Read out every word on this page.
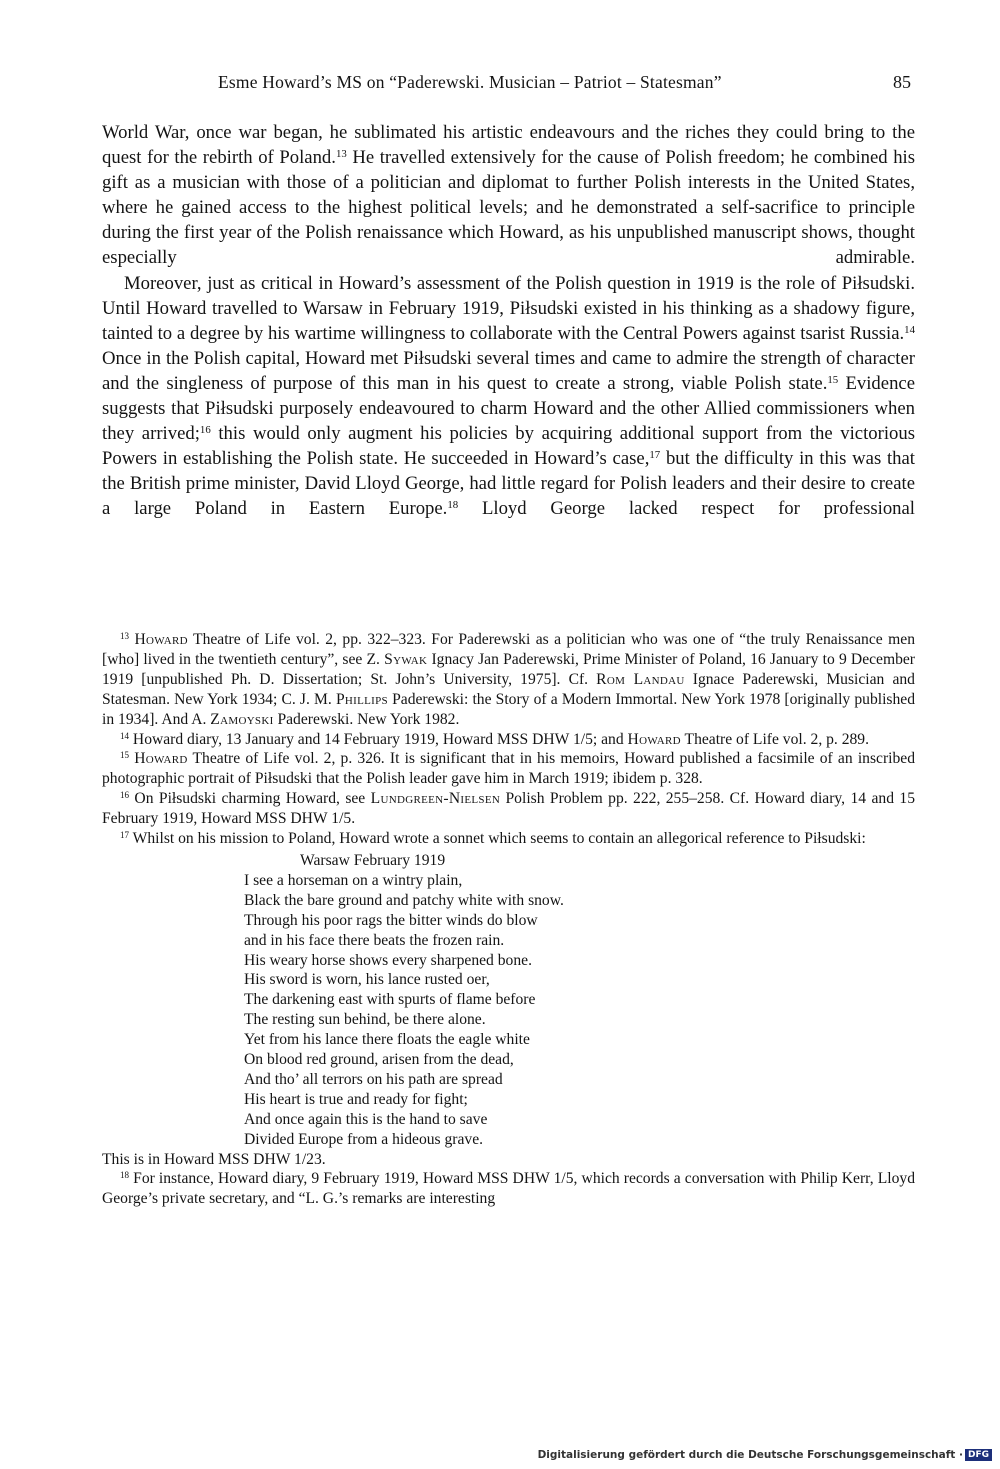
Esme Howard’s MS on “Paderewski. Musician – Patriot – Statesman”	85

World War, once war began, he sublimated his artistic endeavours and the riches they could bring to the quest for the rebirth of Poland.$^{13}$ He travelled extensively for the cause of Polish freedom; he combined his gift as a musician with those of a politician and diplomat to further Polish interests in the United States, where he gained access to the highest political levels; and he demonstrated a self-sacrifice to principle during the first year of the Polish renaissance which Howard, as his unpublished manuscript shows, thought especially admirable.

Moreover, just as critical in Howard’s assessment of the Polish question in 1919 is the role of Piłsudski. Until Howard travelled to Warsaw in February 1919, Piłsudski existed in his thinking as a shadowy figure, tainted to a degree by his wartime willingness to collaborate with the Central Powers against tsarist Russia.$^{14}$ Once in the Polish capital, Howard met Piłsudski several times and came to admire the strength of character and the singleness of purpose of this man in his quest to create a strong, viable Polish state.$^{15}$ Evidence suggests that Piłsudski purposely endeavoured to charm Howard and the other Allied commissioners when they arrived;$^{16}$ this would only augment his policies by acquiring additional support from the victorious Powers in establishing the Polish state. He succeeded in Howard’s case,$^{17}$ but the difficulty in this was that the British prime minister, David Lloyd George, had little regard for Polish leaders and their desire to create a large Poland in Eastern Europe.$^{18}$ Lloyd George lacked respect for professional

$^{13}$ Howard Theatre of Life vol. 2, pp. 322–323. For Paderewski as a politician who was one of “the truly Renaissance men [who] lived in the twentieth century”, see Z. Sywak Ignacy Jan Paderewski, Prime Minister of Poland, 16 January to 9 December 1919 [unpublished Ph. D. Dissertation; St. John’s University, 1975]. Cf. Rom Landau Ignace Paderewski, Musician and Statesman. New York 1934; C. J. M. Phillips Paderewski: the Story of a Modern Immortal. New York 1978 [originally published in 1934]. And A. Zamoyski Paderewski. New York 1982.

$^{14}$ Howard diary, 13 January and 14 February 1919, Howard MSS DHW 1/5; and Howard Theatre of Life vol. 2, p. 289.

$^{15}$ Howard Theatre of Life vol. 2, p. 326. It is significant that in his memoirs, Howard published a facsimile of an inscribed photographic portrait of Piłsudski that the Polish leader gave him in March 1919; ibidem p. 328.

$^{16}$ On Piłsudski charming Howard, see Lundgreen-Nielsen Polish Problem pp. 222, 255–258. Cf. Howard diary, 14 and 15 February 1919, Howard MSS DHW 1/5.

$^{17}$ Whilst on his mission to Poland, Howard wrote a sonnet which seems to contain an allegorical reference to Piłsudski:

Warsaw February 1919
I see a horseman on a wintry plain,
Black the bare ground and patchy white with snow.
Through his poor rags the bitter winds do blow
and in his face there beats the frozen rain.
His weary horse shows every sharpened bone.
His sword is worn, his lance rusted oer,
The darkening east with spurts of flame before
The resting sun behind, be there alone.
Yet from his lance there floats the eagle white
On blood red ground, arisen from the dead,
And tho’ all terrors on his path are spread
His heart is true and ready for fight;
And once again this is the hand to save
Divided Europe from a hideous grave.

This is in Howard MSS DHW 1/23.

$^{18}$ For instance, Howard diary, 9 February 1919, Howard MSS DHW 1/5, which records a conversation with Philip Kerr, Lloyd George’s private secretary, and “L. G.’s remarks are interesting

Digitalisierung gefördert durch die Deutsche Forschungsgemeinschaft · DFG
